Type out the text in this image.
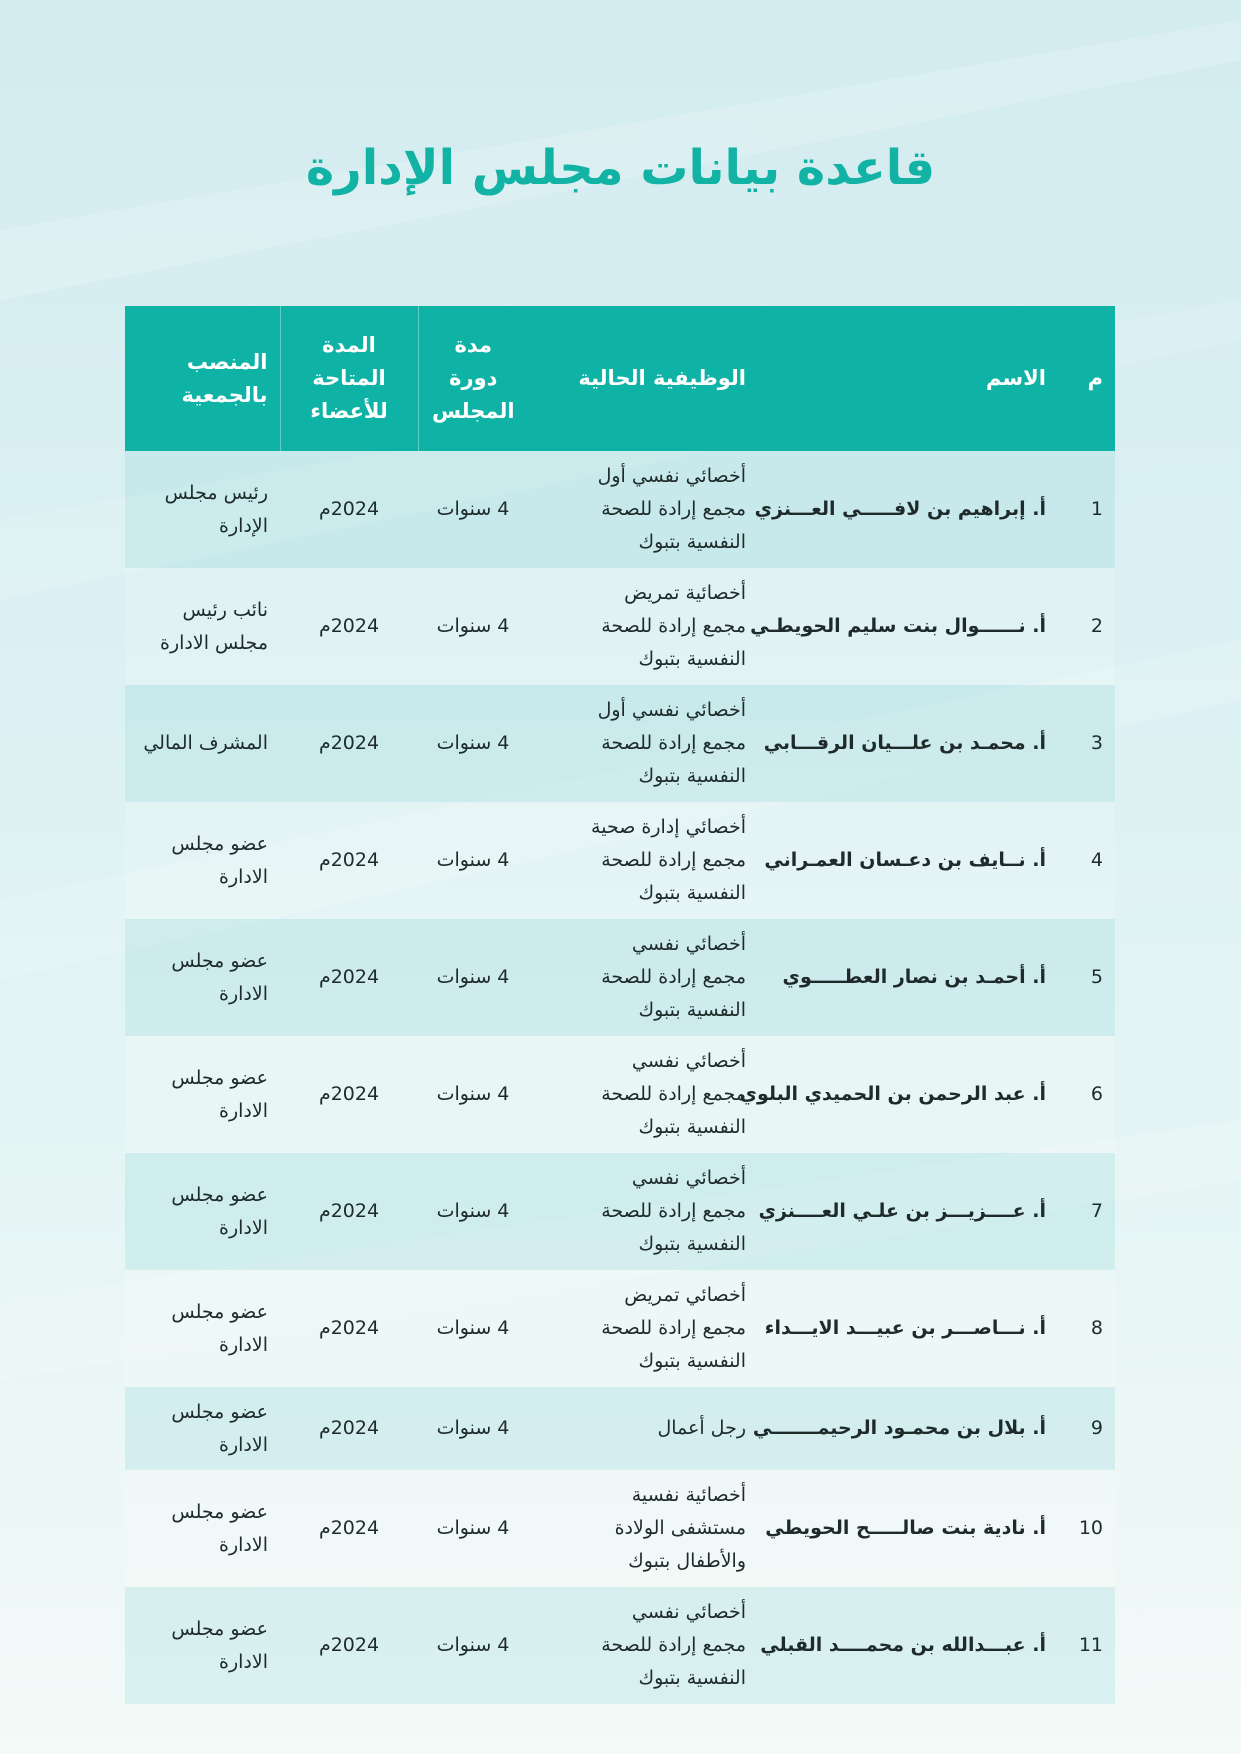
قاعدة بيانات مجلس الإدارة
م	الاسم	الوظيفية الحالية	مدة دورة
المجلس	المدة
المتاحة
للأعضاء	المنصب
بالجمعية
1	أ. إبراهيم بن لافـــــي العـــنزي	أخصائي نفسي أول
مجمع إرادة للصحة
النفسية بتبوك	4 سنوات	2024م	رئيس مجلس
الإدارة
2	أ. نــــــوال بنت سليم الحويطـي	أخصائية تمريض
مجمع إرادة للصحة
النفسية بتبوك	4 سنوات	2024م	نائب رئيس
مجلس الادارة
3	أ. محمـد بن علـــيان الرقـــابي	أخصائي نفسي أول
مجمع إرادة للصحة
النفسية بتبوك	4 سنوات	2024م	المشرف المالي
4	أ. نــايف بن دعـسان العمـراني	أخصائي إدارة صحية
مجمع إرادة للصحة
النفسية بتبوك	4 سنوات	2024م	عضو مجلس
الادارة
5	أ. أحمـد بن نصار العطـــــوي	أخصائي نفسي
مجمع إرادة للصحة
النفسية بتبوك	4 سنوات	2024م	عضو مجلس
الادارة
6	أ. عبد الرحمن بن الحميدي البلوي	أخصائي نفسي
مجمع إرادة للصحة
النفسية بتبوك	4 سنوات	2024م	عضو مجلس
الادارة
7	أ. عــــزيـــز بن علـي العــــنزي	أخصائي نفسي
مجمع إرادة للصحة
النفسية بتبوك	4 سنوات	2024م	عضو مجلس
الادارة
8	أ. نـــاصـــر بن عبيـــد الايـــداء	أخصائي تمريض
مجمع إرادة للصحة
النفسية بتبوك	4 سنوات	2024م	عضو مجلس
الادارة
9	أ. بلال بن محمـود الرحيمـــــــي	رجل أعمال	4 سنوات	2024م	عضو مجلس
الادارة
10	أ. نادية بنت صالـــــح الحويطي	أخصائية نفسية
مستشفى الولادة
والأطفال بتبوك	4 سنوات	2024م	عضو مجلس
الادارة
11	أ. عبـــدالله بن محمــــد القبلي	أخصائي نفسي
مجمع إرادة للصحة
النفسية بتبوك	4 سنوات	2024م	عضو مجلس
الادارة
